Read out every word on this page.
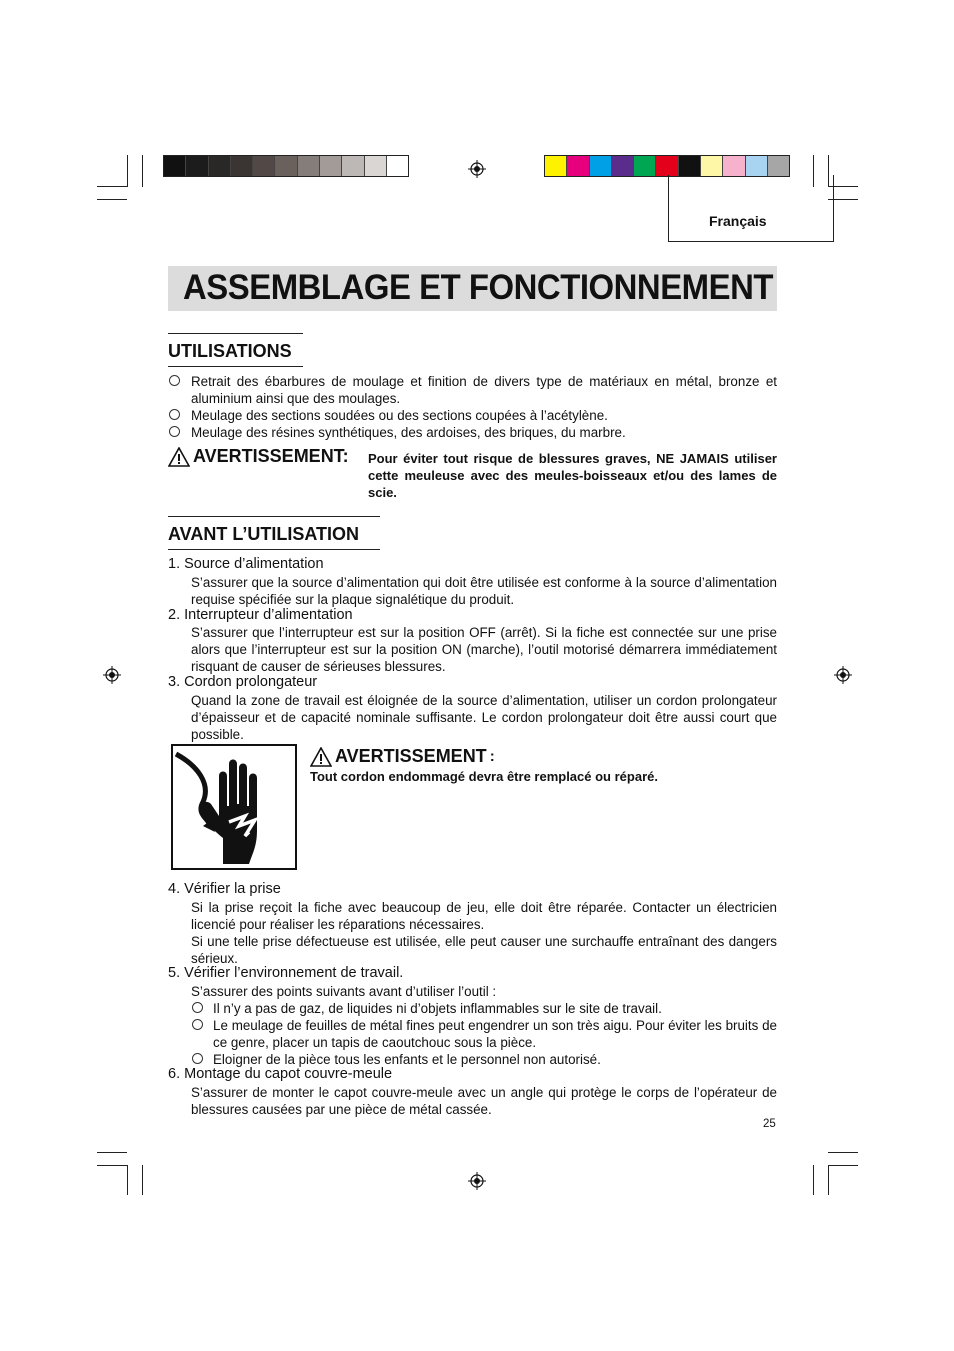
Français
ASSEMBLAGE ET FONCTIONNEMENT
UTILISATIONS
Retrait des ébarbures de moulage et finition de divers type de matériaux en métal, bronze et aluminium ainsi que des moulages.
Meulage des sections soudées ou des sections coupées à l’acétylène.
Meulage des résines synthétiques, des ardoises, des briques, du marbre.
AVERTISSEMENT: Pour éviter tout risque de blessures graves, NE JAMAIS utiliser cette meuleuse avec des meules-boisseaux et/ou des lames de scie.
AVANT L’UTILISATION
1. Source d’alimentation
S’assurer que la source d’alimentation qui doit être utilisée est conforme à la source d’alimentation requise spécifiée sur la plaque signalétique du produit.
2. Interrupteur d’alimentation
S’assurer que l’interrupteur est sur la position OFF (arrêt). Si la fiche est connectée sur une prise alors que l’interrupteur est sur la position ON (marche), l’outil motorisé démarrera immédiatement risquant de causer de sérieuses blessures.
3. Cordon prolongateur
Quand la zone de travail est éloignée de la source d’alimentation, utiliser un cordon prolongateur d’épaisseur et de capacité nominale suffisante. Le cordon prolongateur doit être aussi court que possible.
AVERTISSEMENT :
Tout cordon endommagé devra être remplacé ou réparé.
4. Vérifier la prise
Si la prise reçoit la fiche avec beaucoup de jeu, elle doit être réparée. Contacter un électricien licencié pour réaliser les réparations nécessaires.
Si une telle prise défectueuse est utilisée, elle peut causer une surchauffe entraînant des dangers sérieux.
5. Vérifier l’environnement de travail.
S’assurer des points suivants avant d’utiliser l’outil :
Il n’y a pas de gaz, de liquides ni d’objets inflammables sur le site de travail.
Le meulage de feuilles de métal fines peut engendrer un son très aigu. Pour éviter les bruits de ce genre, placer un tapis de caoutchouc sous la pièce.
Eloigner de la pièce tous les enfants et le personnel non autorisé.
6. Montage du capot couvre-meule
S’assurer de monter le capot couvre-meule avec un angle qui protège le corps de l’opérateur de blessures causées par une pièce de métal cassée.
25
